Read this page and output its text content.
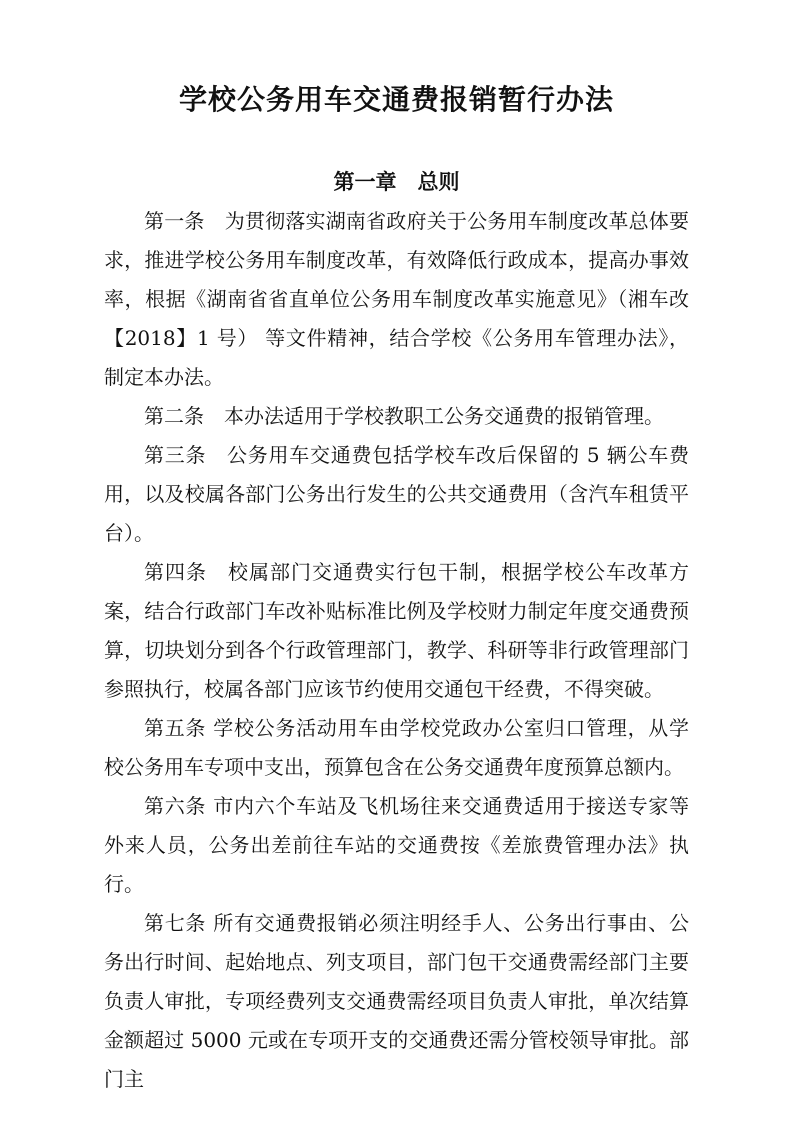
学校公务用车交通费报销暂行办法
第一章　总则

第一条　为贯彻落实湖南省政府关于公务用车制度改革总体要求，推进学校公务用车制度改革，有效降低行政成本，提高办事效率，根据《湖南省省直单位公务用车制度改革实施意见》（湘车改【2018】1 号） 等文件精神，结合学校《公务用车管理办法》，制定本办法。

第二条　本办法适用于学校教职工公务交通费的报销管理。

第三条　公务用车交通费包括学校车改后保留的 5 辆公车费用，以及校属各部门公务出行发生的公共交通费用（含汽车租赁平台）。

第四条　校属部门交通费实行包干制，根据学校公车改革方案，结合行政部门车改补贴标准比例及学校财力制定年度交通费预算，切块划分到各个行政管理部门，教学、科研等非行政管理部门参照执行，校属各部门应该节约使用交通包干经费，不得突破。

第五条 学校公务活动用车由学校党政办公室归口管理，从学校公务用车专项中支出，预算包含在公务交通费年度预算总额内。

第六条 市内六个车站及飞机场往来交通费适用于接送专家等外来人员，公务出差前往车站的交通费按《差旅费管理办法》执行。

第七条 所有交通费报销必须注明经手人、公务出行事由、公务出行时间、起始地点、列支项目，部门包干交通费需经部门主要负责人审批，专项经费列支交通费需经项目负责人审批，单次结算金额超过 5000 元或在专项开支的交通费还需分管校领导审批。部门主
